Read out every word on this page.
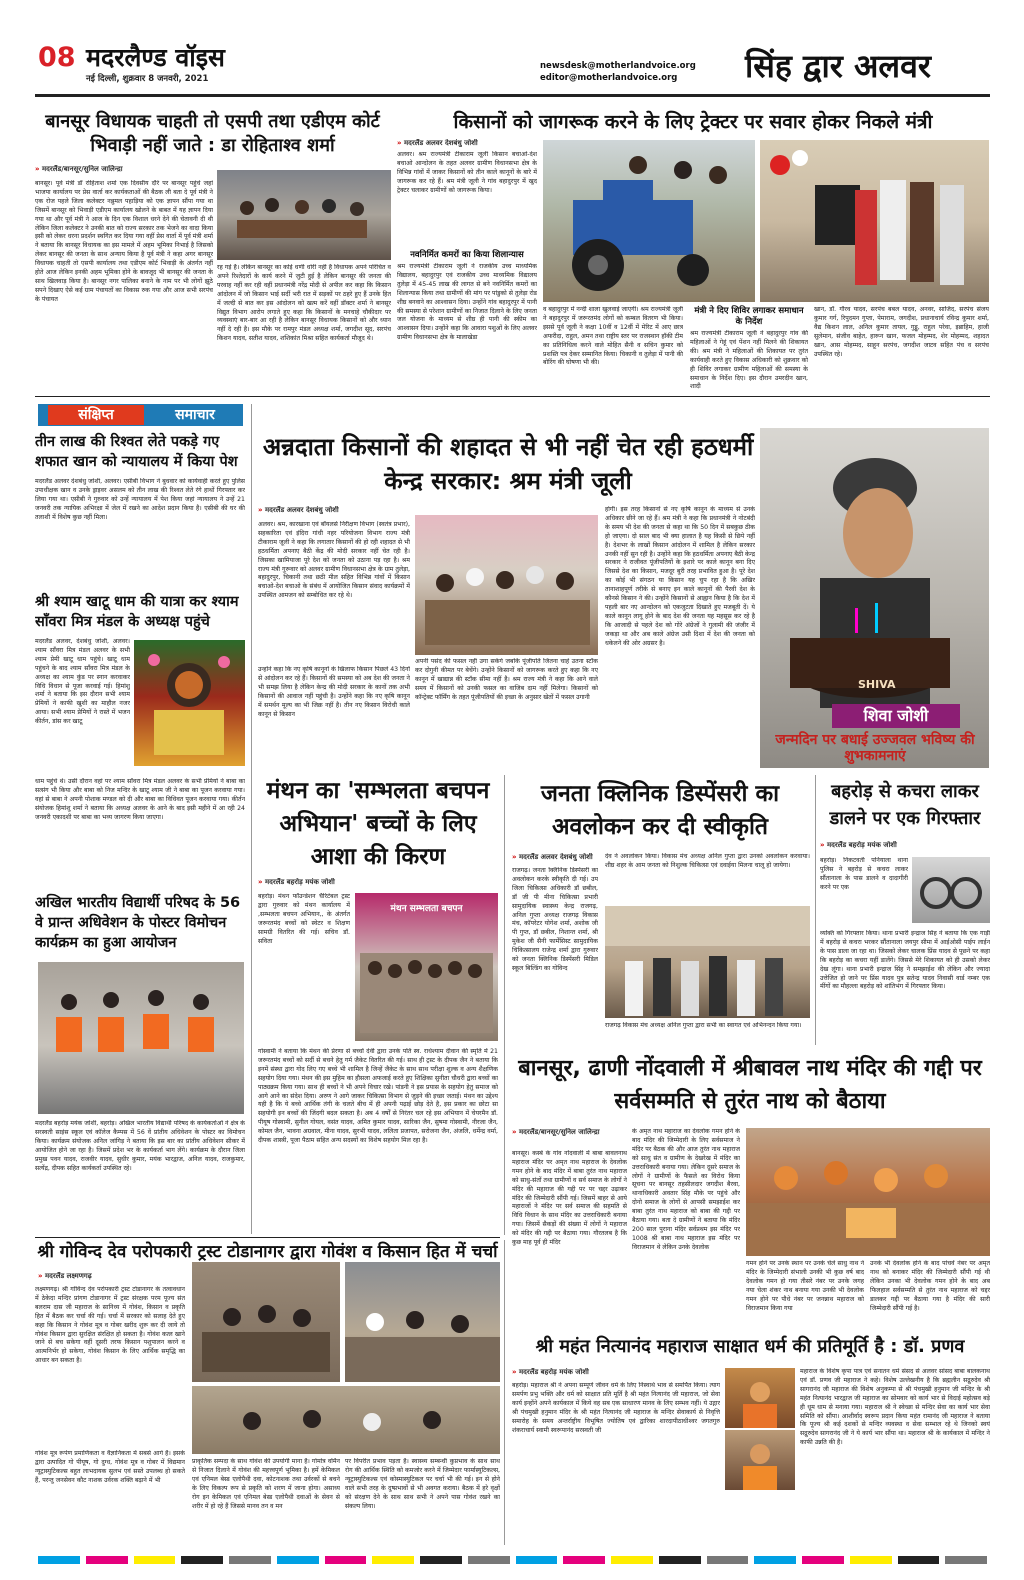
08 मदरलैण्ड वॉइस
नई दिल्ली, शुक्रवार 8 जनवरी, 2021
newsdesk@motherlandvoice.org
editor@motherlandvoice.org सिंह द्वार अलवर
बानसूर विधायक चाहती तो एसपी तथा एडीएम कोर्ट भिवाड़ी नहीं जाते : डा रोहिताश्व शर्मा
» मदरलैंड/बानसूर/सुनिल जालिन्द्रा
बानसूर। पूर्व मंत्री डॉ रोहिताश शर्मा एक दिवसीय दौरे पर बानसूर पहुंचे जहां भाजपा कार्यालय पर प्रेस वार्ता कर कार्यकताओं की बैठक ली बता दे पूर्व मंत्री ने एक रोज पहले जिला कलेक्टर नन्नुमल पहाड़िया को एक ज्ञापन सौंपा गया था जिसमें बानसूर को भिवाड़ी एडीएम कार्यालय खोलने के बाबत में यह ज्ञापन दिया गया था और पूर्व मंत्री ने आज के दिन एक विशाल धरने देने की चेतावनी दी थी लेकिन जिला कलेक्टर ने उनकी बात को राज्य सरकार तक भेजने का वादा किया इसी को लेकर धरना प्रदर्शन स्थगित कर दिया गया वहीं प्रेस वार्ता में पूर्व मंत्री शर्मा ने बताया कि बानसूर विधायक का इस मामले में अहम भूमिका निभाई है जिसको लेकर बानसूर की जनता के साथ अन्याय किया है पूर्व मंत्री ने कहा अगर बानसूर विधायक चाहती तो एसपी कार्यालय तथा एडीएम कोर्ट भिवाड़ी के अंतर्गत नहीं होते आज लेकिन इनकी अहम भूमिका होने के बावजूद भी बानसूर की जनता के साथ खिलवाड़ किया है। बानसूर नगर पालिका बनाने के नाम पर भी लोगों झूठे सपने दिखाए ऐसे कई ग्राम पंचायतों का विकास रुक गया और आज सभी सरपंच के पंचायत
रह गई है। लेकिन बानसूर का कोई धणी धोरी नहीं है विधायक अपने परिचित व अपने रिश्तेदारों के कार्य करने में जुटी हुई है लेकिन बानसूर की जनता की परवाह नहीं कर रही वहीं प्रधानमंत्री नरेंद्र मोदी से अपील कर कहा कि किसान आंदोलन में जो किसान भाई सर्दी भरी रात में सड़कों पर ठहरे हुए हैं उनके हित में जल्दी से बात कर इस आंदोलन को खत्म करें वहीं डॉक्टर शर्मा ने बानसूर विद्युत विभाग आरोप लगाते हुए कहा कि किसानों के मनचाहे चौकीदार पर व्यवस्थाएं बार-बार आ रही है लेकिन बानसूर विधायक किसानों को और ध्यान नहीं दे रही है। इस मौके पर रामपुर मंडल अध्यक्ष शर्मा, जगदीश सूद, सरपंच किशन यादव, सतीश यादव, शशिकांत मिश्रा सहित कार्यकर्ता मौजूद थे।
किसानों को जागरूक करने के लिए ट्रेक्टर पर सवार होकर निकले मंत्री
» मदरलैंड अलवर देशबंधु जोशी
अलवर। श्रम राज्यमंत्री टीकाराम जूली किसान बचाओ-देश बचाओ आन्दोलन के तहत अलवर ग्रामीण विधानसभा क्षेत्र के विभिन्न गांवों में जाकर किसानों को तीन काले कानूनों के बारे में जागरूक कर रहे हैं। श्रम मंत्री जूली ने गांव बहादुरपुर में खुद ट्रेक्टर चलाकर ग्रामीणों को जागरूक किया।
नवनिर्मित कमरों का किया शिलान्यास
श्रम राज्यमंत्री टीकाराम जूली ने राजकीय उच्च माध्यमिक विद्यालय, बहादुरपुर एवं राजकीय उच्च माध्यमिक विद्यालय तुलेड़ा में 45-45 लाख की लागत से बने नवनिर्मित कमरों का शिलान्यास किया तथा ग्रामीणों की मांग पर पांडुको से तुलेड़ा रोड शीघ्र बनवाने का आश्वासन दिया। उन्होंने गांव बहादुरपुर में पानी की समस्या से परेशान ग्रामीणों का निजात दिलाने के लिए जनता जल योजना के माध्यम से शीघ्र ही पानी की स्कीम का आश्वासन दिया। उन्होंने कहा कि आवारा पशुओं के लिए अलवर ग्रामीण विधानसभा क्षेत्र के मालाखेडा
व बहादुरपुर में नन्दी शाला खुलवाई जाएगी। श्रम राज्यमंत्री जूली ने बहादुरपुर में जरूरतमंद लोगों को कम्बल वितरण भी किया। इससे पूर्व जूली ने कक्षा 10वीं व 12वीं में मेरिट में आए छात्र अफरीदा, राहुल, अमन तथा राष्ट्रीय स्तर पर राजस्थान हॉकी टीम का प्रतिनिधित्व करने वाले मोहित सैनी व सचिन कुमार को प्रशस्ति पत्र देकर सम्मानित किया। चिकानी व तुलेड़ा में पानी की बोरिंग की घोषणा भी की।
मंत्री ने दिए शिविर लगाकर समाधान के निर्देश
श्रम राज्यमंत्री टीकाराम जूली ने बहादुरपुर गांव की महिलाओं ने गेहूं एवं पेंशन नहीं मिलने की शिकायत की। श्रम मंत्री ने महिलाओं की शिकायत पर तुरंत कार्यवाही करते हुए विकास अधिकारी को शुक्रवार को ही शिविर लगाकर ग्रामीण महिलाओं की समस्या के समाधान के निर्देश दिए। इस दौरान उमरदीन खान, शादी
खान, डॉ. गौरव यादव, सरपंच बबल यादव, अनवर, साजिद, सरपंच संजय कुमार गर्ग, रिपुदमन गुप्ता, पेमाराम, जगदीश, प्रधानाचार्य रविन्द्र कुमार शर्मा, वैद्य किशन लाल, अनिल कुमार तायल, गुड्डू, राहुल परेवा, इब्राहिम, हाजी सुलेमान, संजीव बाहेत, हारून खान, फजल मोहम्मद, शेर मोहम्मद, शहादत खान, आस मोहम्मद, साहून सरपंच, जगदीश जाटव सहित पंच व सरपंच उपस्थित रहे।
संक्षिप्त	समाचार
तीन लाख की रिश्वत लेते पकड़े गए शफात खान को न्यायालय में किया पेश
मदरलैंड अलवर देशबंधु जोशी, अलवर। एसीबी विभाग ने बुधवार को कार्यवाही करते हुए पुलिस उपाधीक्षक खान व उनके ड्राइवर असलम को तीन लाख की रिश्वत लेते रंगे हाथों गिरफ्तार कर लिया गया था। एसीबी ने गुरुवार को उन्हें न्यायालय में पेश किया जहां न्यायालय ने उन्हें 21 जनवरी तक न्यायिक अभिरक्षा में जेल में रखने का आदेश प्रदान किया है। एसीबी की घर की तलाशी में विशेष कुछ नहीं मिला।
श्री श्याम खाटू धाम की यात्रा कर श्याम साँवरा मित्र मंडल के अध्यक्ष पहुंचे
मदरलैंड अलवर, देशबंधु जोशी, अलवर। श्याम साँवरा मित्र मंडल अलवर के सभी श्याम प्रेमी खाटू धाम पहुंचे। खाटू धाम पहुंचने के बाद श्याम साँवरा मित्र मंडल के अध्यक्ष का श्याम कुंड पर स्नान करवाकर विधि विधान से पूजा करवाई गई। हिमांशु शर्मा ने बताया कि इस दौरान सभी श्याम प्रेमियों ने काफी खुशी का माहौल नजर आया। सभी श्याम प्रेमियों ने रास्ते में भजन कीर्तन, डांस कर खाटू
धाम पहुंचे थे। उसी दौरान वहां पर श्याम साँवरा मित्र मंडल अलवर के सभी प्रेमियों ने बाबा का सत्संग भी किया और बाबा को निज मन्दिर के खाटू श्याम जी ने बाबा का पूजन करवाया गया। वहां से बाबा ने अपनी पोशाक मण्डल को दी और बाबा का विधिवत पूजन करवाया गया। कीर्तन संयोजक हिमांशु शर्मा ने बताया कि अध्यक्ष अलवर के आने के बाद इसी महीने में आ रही 24 जनवरी एकादशी पर बाबा का भव्य जागरण किया जाएगा।
अखिल भारतीय विद्यार्थी परिषद के 56 वे प्रान्त अधिवेशन के पोस्टर विमोचन कार्यक्रम का हुआ आयोजन
मदरलैंड बहरोड़ मयंक जोशी, बहरोड़। अखिल भारतीय विद्यार्थी परिषद के कार्यकर्ताओं ने क्षेत्र के सरस्वती साइंस स्कूल एवं कॉलेज कैम्पस में 56 वें प्रांतीय अधिवेशन के पोस्टर का विमोचन किया। कार्यक्रम संयोजक अनिल जांगिड़ ने बताया कि इस बार का प्रांतीय अधिवेशन सीकर में आयोजित होने जा रहा है। जिसमें प्रदेश भर के कार्यकर्ता भाग लेंगे। कार्यक्रम के दौरान जिला प्रमुख पवन यादव, राजवीर यादव, सुधीर कुमार, मयंक भारद्वाज, अनिल यादव, राजकुमार, सत्येंद्र, दीपक सहित कार्यकर्ता उपस्थित रहे।
अन्नदाता किसानों की शहादत से भी नहीं चेत रही हठधर्मी केन्द्र सरकार: श्रम मंत्री जूली
» मदरलैंड अलवर देशबंधु जोशी
अलवर। श्रम, कारखाना एवं बॉयलर्स निरीक्षण विभाग (स्वतंत्र प्रभार), सहकारिता एवं इंदिरा गांधी नहर परियोजना विभाग राज्य मंत्री टीकाराम जूली ने कहा कि लगातार किसानों की हो रही शहादत से भी हठधर्मिता अपनाए बैठी केंद्र की मोदी सरकार नहीं चेत रही है। जिसका खामियाजा पूरे देश को जनता को उठाना पड़ रहा है। श्रम राज्य मंत्री गुरूवार को अलवर ग्रामीण विधानसभा क्षेत्र के ग्राम तुलेड़ा, बहादुरपुर, चिकानी तथा छठी मील सहित विभिन्न गांवों में किसान बचाओ-देश बचाओ के संबंध में आयोजित किसान संवाद कार्यक्रमों में उपस्थित आमजन को सम्बोधित कर रहे थे।
उन्होंने कहा कि नए कृषि कानूनों के खिलाफ किसान पिछले 43 दिनों से आंदोलन कर रहे हैं। किसानों की समस्या को अब देश की जनता ने भी समझ लिया है लेकिन केन्द्र की मोदी सरकार के कानों तक अभी किसानों की आवाज नहीं पहुंची है। उन्होंने कहा कि नए कृषि कानून में समर्थन मूल्य का भी जिक्र नहीं है। तीन नए किसान विरोधी काले कानून से किसान
अपनी पसंद की फसल नहीं उगा सकेंगे जबकि पूंजीपति जितना चाहे उतना स्टॉक कर दोगुनी कीमत पर बेचेंगे। उन्होंने किसानों को जागरूक करते हुए कहा कि नए कानून में खाद्यान्न की स्टॉक सीमा नहीं है। श्रम राज्य मंत्री ने कहा कि आने वाले समय में किसानों को उनकी फसल का वाजिब दाम नहीं मिलेगा। किसानों को कॉन्ट्रेक्ट फॉर्मिंग के तहत पूंजीपतियों की इच्छा के अनुसार खेतों में फसल उगानी
होगी। इस तरह किसानों से नए कृषि कानून के माध्यम से उनके अधिकार छीने जा रहे हैं। श्रम मंत्री ने कहा कि प्रधानमंत्री ने नोटबंदी के समय भी देश की जनता से कहा था कि 50 दिन में सबकुछ ठीक हो जाएगा। दो साल बाद भी क्या हालात है यह किसी से छिपे नहीं है। देशभर के लाखों किसान आंदोलन में शामिल है लेकिन सरकार उनकी नहीं सुन रही है। उन्होंने कहा कि हठधर्मिता अपनाए बैठी केन्द्र सरकार ने राजीवत पूंजीपतियों के इशारे पर काले कानून बना दिए जिससे देश का किसान, मजदूर बुरी तरह प्रभावित हुआ है। पूरे देश का कोई भी संगठन या किसान यह चुप रहा है कि अखिर तानाशाहपूर्ण तरीके से बनाए इन काले कानूनों की पैरवी देश के कौनसे किसान ने की। उन्होंने किसानों से आह्वान किया है कि देश में पहली बार नए आन्दोलन को एकजुटता दिखाते हुए मजबूती दें। ये काले कानून लागू होने के बाद देश की जनता यह महसूस कर रहे है कि आजादी से पहले देश को गोरे अंग्रेजों ने गुलामी की जंजीर में जकड़ा था और अब काले अंग्रेज उसी दिशा में देश की जनता को धकेलने की ओर अग्रसर है।
SHIVA
शिवा जोशी
जन्मदिन पर बधाई उज्जवल भविष्य की शुभकामनाएं
मंथन का 'सम्भलता बचपन अभियान' बच्चों के लिए आशा की किरण
» मदरलैंड बहरोड़ मयंक जोशी
बहरोड़। मंथन फॉउन्डेशन चैरिटेबल ट्रस्ट द्वारा गुरुवार को मंथन कार्यालय में ,सम्भलता बचपन अभियान,, के अंतर्गत जरूरतमंद बच्चों को स्वेटर व शिक्षण सामग्री वितरित की गई। सचिव डॉ. सविता
मंथन सम्भलता बचपन
गोस्वामी ने बताया कि मंथन की प्रेरणा से बच्चों देवी द्वारा उनके पति स्व. राधेश्याम दीवान की स्मृति में 21 जरूरतमंद बच्चों को सर्दी से बचने हेतु गर्म जैकेट वितरित की गई। साथ ही ट्रस्ट के दीपक जैन ने बताया कि इनमें संस्था द्वारा गोद लिए गए बच्चे भी शामिल है जिन्हें जैकेट के साथ साथ परीक्षा शुल्क व अन्य शैक्षणिक सहयोग दिया गया। मंथन की इस मुहिम का हौसला अफजाई करते हुए शिक्षिका सुनीता चौधरी द्वारा बच्चों का पाठ्यक्रम किया गया। साथ ही बच्चों ने भी अपने विचार रखे। पांडनी ने इस प्रयास के सहयोग हेतु समाज को आगे आने का संदेश दिया। अरुण ने आगे जाकर चिकित्सा विभाग से जुड़ने की इच्छा जताई। मंथन का उद्देश्य यही है कि ये बच्चे आर्थिक तंगी के चलते बीच में ही अपनी पढ़ाई छोड़ देते है, इस प्रकार का छोटा सा सहयोगी इन बच्चों की जिंदगी बदल सकता है। अब 4 वर्षों से निरंतर चल रहे इस अभियान में चेयरमैन डॉ. पीयूष गोस्वामी, सुनील गोयल, वसंत यादव, अमित कुमार यादव, सारिका जैन, सुषमा गोस्वामी, नीरजा जैन, कोमल जैन, भावना अग्रवाल, मीना यादव, सुरभी यादव, ललिता प्रजापत, सरोजना जैन, अंजलि, धर्मेन्द्र वर्मा, दीपक शास्त्री, पूजा पैठाम सहित अन्य सदस्यों का विशेष सहयोग मिल रहा है।
जनता क्लिनिक डिस्पेंसरी का अवलोकन कर दी स्वीकृति
» मदरलैंड अलवर देशबंधु जोशी
राजगढ़। जनता क्लिनिक डिस्पेंसरी का अवलोकन करके स्वीकृति दी गई। उप जिला चिकित्सा अधिकारी डॉ छबील, डॉ जी पी मीना चिकित्सा प्रभारी सामुदायिक स्वास्थ्य केन्द्र राजगढ़, अनिल गुप्ता अध्यक्ष राजगढ़ विकास मंच, कॉपरेटर योगेश शर्मा, अशोक जी पी गुप्त, डॉ छबील, निशान्त शर्मा, श्री मुकेश जी सैनी फार्मेसिस्ट सामुदायिक चिकित्सालय राजेन्द्र शर्मा द्वारा गुरुवार को जनता क्लिनिक डिस्पेंसरी मिडिल स्कूल बिल्डिंग का गोविन्द
देव ने अवलोकन किया। विकास मंच अध्यक्ष अनिल गुप्ता द्वारा उनको अवलोकन करवाया। शीघ्र शहर के आम जनता को निशुल्क चिकित्सा एवं दवाईया मिलना चालू हो जायेगा।
राजगढ़ विकास मंच अध्यक्ष अनिल गुप्ता द्वारा सभी का स्वागत एवं अभिनन्दन किया गया।
बहरोड़ से कचरा लाकर डालने पर एक गिरफ्तार
» मदरलैंड बहरोड़ मयंक जोशी
बहरोड़। निकटवर्ती पनियाला थाना पुलिस ने बहरोड़ से कचरा लाकर सौंतानाला के पास डालने व दादागीरी करने पर एक
व्यक्ति को गिरफ्तार किया। थाना प्रभारी इन्द्राज सिंह ने बताया कि एक गाड़ी में बहरोड़ से कचरा भरकर सौंतानाला जयपुर सीमा में आईओसी पाईप लाईन के पास डाला जा रहा था। जिसको लेकर चालक प्रिंस यादव से पूछने पर कहा कि बहरोड़ का कचरा यहीं डालेंगे। जिससे मेरे शिकायत को ही उसको लेकर देख लूंगा। थाना प्रभारी इन्द्राज सिंह ने समझाईश की लेकिन और ज्यादा उत्तेजित हो जाने पर प्रिंस यादव पुत्र सतेन्द्र यादव निवासी वार्ड नम्बर एक मींगों का मौहल्ला बहरोड़ को शांतिभंग में गिरफ्तार किया।
बानसूर, ढाणी नोंदवाली में श्रीबावल नाथ मंदिर की गद्दी पर सर्वसम्मति से तुरंत नाथ को बैठाया
» मदरलैंड/बानसूर/सुनिल जालिन्द्रा
बानसूर। कस्बे के गांव नोंदवाली में बाबा बावलनाथ महाराज मंदिर पर अमृत नाथ महाराज के देवलोक गमन होने के बाद मंदिर में बाबा तुरंत नाथ महाराज को साधु-संतों तथा ग्रामीणों व सर्व समाज के लोगों ने मंदिर की महाराज की गद्दी पर पर चद्दर उढ़ाकर मंदिर की जिम्मेदारी सौंपी गई। जिसमें बाहर से आये महाराजों ने मंदिर पर सर्व समाज की सहमति से विधि विधान के साथ मंदिर का उत्तराधिकारी बनाया गया। जिसमें सैकड़ों की संख्या में लोगों ने महाराज को मंदिर की गद्दी पर बैठाया गया। गौरतलब है कि कुछ माह पूर्व ही मंदिर
के अमृत नाथ महाराज का देवलोक गमन होने के बाद मंदिर की जिम्मेदारी के लिए सर्वसमाज ने मंदिर पर बैठक की और आज तुरंत नाथ महाराज को साधु संत व ग्रामीण के देखरेख में मंदिर का उत्तराधिकारी बनाया गया। लेकिन दूसरे समाज के लोगों ने ग्रामीणों के फैसले का विरोध किया सूचना पर बानसूर तहसीलदार जगदीश बैरवा, थानाधिकारी अवतार सिंह मौके पर पहुंचे और दोनो समाज के लोगों से आपसी समझाईश कर बाबा तुरंत नाथ महाराज को बाबा की गद्दी पर बैठाया गया। बता दे ग्रामीणों ने बताया कि मंदिर 200 साल पुराना मंदिर सर्वप्रथम इस मंदिर पर 1008 श्री बाबा नाथ महाराज इस मंदिर पर विराजमान थे लेकिन उनके देवलोक
गमन होने पर उनके स्थान पर उनके चेले साधु नाथ ने मंदिर के जिम्मेदारी संभाली उनकी भी कुछ वर्ष बाद देवलोक गमन हो गया तीसरे नंबर पर उनके जगह नया चेला शंकर नाथ बनाया गया उनकी भी देवलोक गमन होने पर पौधे नंबर पर जनन्नाथ महाराज को विराजमान किया गया
उनके भी देवलोक होने के बाद पांचवें नंबर पर अमृत नाथ को बनाकर मंदिर की जिम्मेदारी सौंपी गई थी लेकिन उनका भी देवलोक गमन होने के बाद अब फिलहाल सर्वसम्मति से तुरंत नाथ महाराज को चद्दर डालकर गद्दी पर बैठाया गया है मंदिर की सारी जिम्मेदारी सौंपी गई है।
श्री गोविन्द देव परोपकारी ट्रस्ट टोडानागर द्वारा गोवंश व किसान हित में चर्चा
» मदरलैंड लक्ष्मणगढ़
लक्ष्मणगढ़। श्री गोविन्द देव परोपकारी ट्रस्ट टोडानागर के तत्वावधान में ठेकेदा मन्दिर प्रांगण टोडानागर में ट्रस्ट संरक्षक परम पूज्य संत बलराम दास जी महाराज के सानिध्य में गोवंश, किसान व प्रकृति हित में बैठक कर चर्चा की गई। चर्चा में सरकार को सलाह देते हुए कहा कि किसान ने गोवंश मूत्र व गोबर खरीद शुरू कर दी जाये तो गोवंश किसान द्वारा सुरक्षित संरक्षित हो सकता है। गोवंश कत्ल खाने जाने से बच सकेगा वहीं दूसरी तरफ किसान पशुपालन करने व आत्मनिर्भर हो सकेगा, गोवंश किसान के लिए आर्थिक समृद्धि का आधार बन सकता है।
गोवंश मूत्र रूपेण प्रमाणिकता व वैज्ञानिकता में सबसे आगे है। इसके द्वारा उत्पादित गो पीयूष, गो दुग्ध, गोवंश मूत्र व गोबर में विद्यमान न्यूट्रास्युटिकल्स बहुत लाभदायक सुलभ एवं सस्ते उपलब्ध हो सकते हैं, परन्तु जनसेवन कौट नाशक उर्वरक शक्ति बढ़ाने में भी
प्राकृतिक सम्पदा के साथ गोवंश की उपयोगी माना है। गोमोत्र वर्मिन से निजात दिलाने में गोवंश की महत्त्वपूर्ण भूमिका है। हमें केमिकल एवं एनिमल बेस्ड एलोपैथी दवा, कोटनाशक तथा उर्वरकों से बचने के लिए विकल्प रूप से प्रकृति को शरण में जाना होगा। असाध्य रोग इन केमिकल एवं एनिमल बेस्ड एलोपैथी दवाओं के सेवन से शरीर में हो रहे हैं जिससे मानव तन व मन
पर विपरीत प्रभाव पड़ता है। स्वास्थ्य सम्बन्धी कुप्रभाव के साथ साथ रोग की आर्थिक स्थिति को कमजोर करने में जिम्मेदार फार्मास्युटिकल्स, न्यूट्रास्युटिकल्स एवं कोस्मास्युटिकल पर चर्चा भी की गई। इन से होने वाले सभी तरह के दुष्प्रभावों से भी अवगत कराया। बैठक में हरे वृक्षों को संरक्षण देने के साथ साथ सभी ने अपने पास गोवंश रखने का संकल्प लिया।
श्री महंत नित्यानंद महाराज साक्षात धर्म की प्रतिमूर्ति है : डॉ. प्रणव
» मदरलैंड बहरोड़ मयंक जोशी
बहरोड़। महाराज श्री ने अपना सम्पूर्ण जीवन धर्म के लिए निस्वार्थ भाव से समर्पित किया। त्याग समर्पण प्रभु भक्ति और धर्म को साक्षात प्रति मूर्ति है श्री महंत नित्यानंद जी महाराज, जो सेवा कार्य इन्होंने अपने कार्यकाल में किये वह सब एक साधारण मानव के लिए सम्भव नहीं। ये उद्गार श्री पंचमुखी हनुमान मंदिर के श्री महंत नित्यानंद जी महाराज के मन्दिर सेवाकार्य से निवृत्ति समारोह के समय अन्तर्राष्ट्रीय विभूषित ज्योतिष एवं द्वारिका शारदापीठाधीश्वर जगतगुरु शंकराचार्य स्वामी स्वरूपानंद सरस्वती जी
महाराज के विशेष कृपा पात्र एवं सनातन धर्म संसद से अलवर सांसद बाबा बालकनाथ एवं डॉ. प्रणव जी महाराज ने कहे। विशेष उल्लेखनीय है कि ब्रह्मलीन सद्गुरुदेव श्री सागरानंद जी महाराज की विशेष अनुकम्पा से श्री पंचमुखी हनुमान जी मन्दिर के श्री महंत नित्यानंद भारद्वाज जी महाराज का सोमवार को कार्य भार से विदाई महोत्सव बड़े ही धूम धाम से मनाया गया। महाराज श्री ने स्वेच्छा से मन्दिर सेवा का कार्य भार सेवा समिति को सौंपा। आशीर्वाद स्वरूप प्रदान किया महंत रामानंद जी महाराज ने बताया कि पूज्य श्री कई दशकों से मन्दिर व्यवस्था व सेवा सम्भाल रहे थे जिनको स्वयं सद्गुरुदेव सागरानंद जी ने ये कार्य भार सौंपा था। महाराज श्री के कार्यकाल में मन्दिर ने काफी उन्नति की है।
